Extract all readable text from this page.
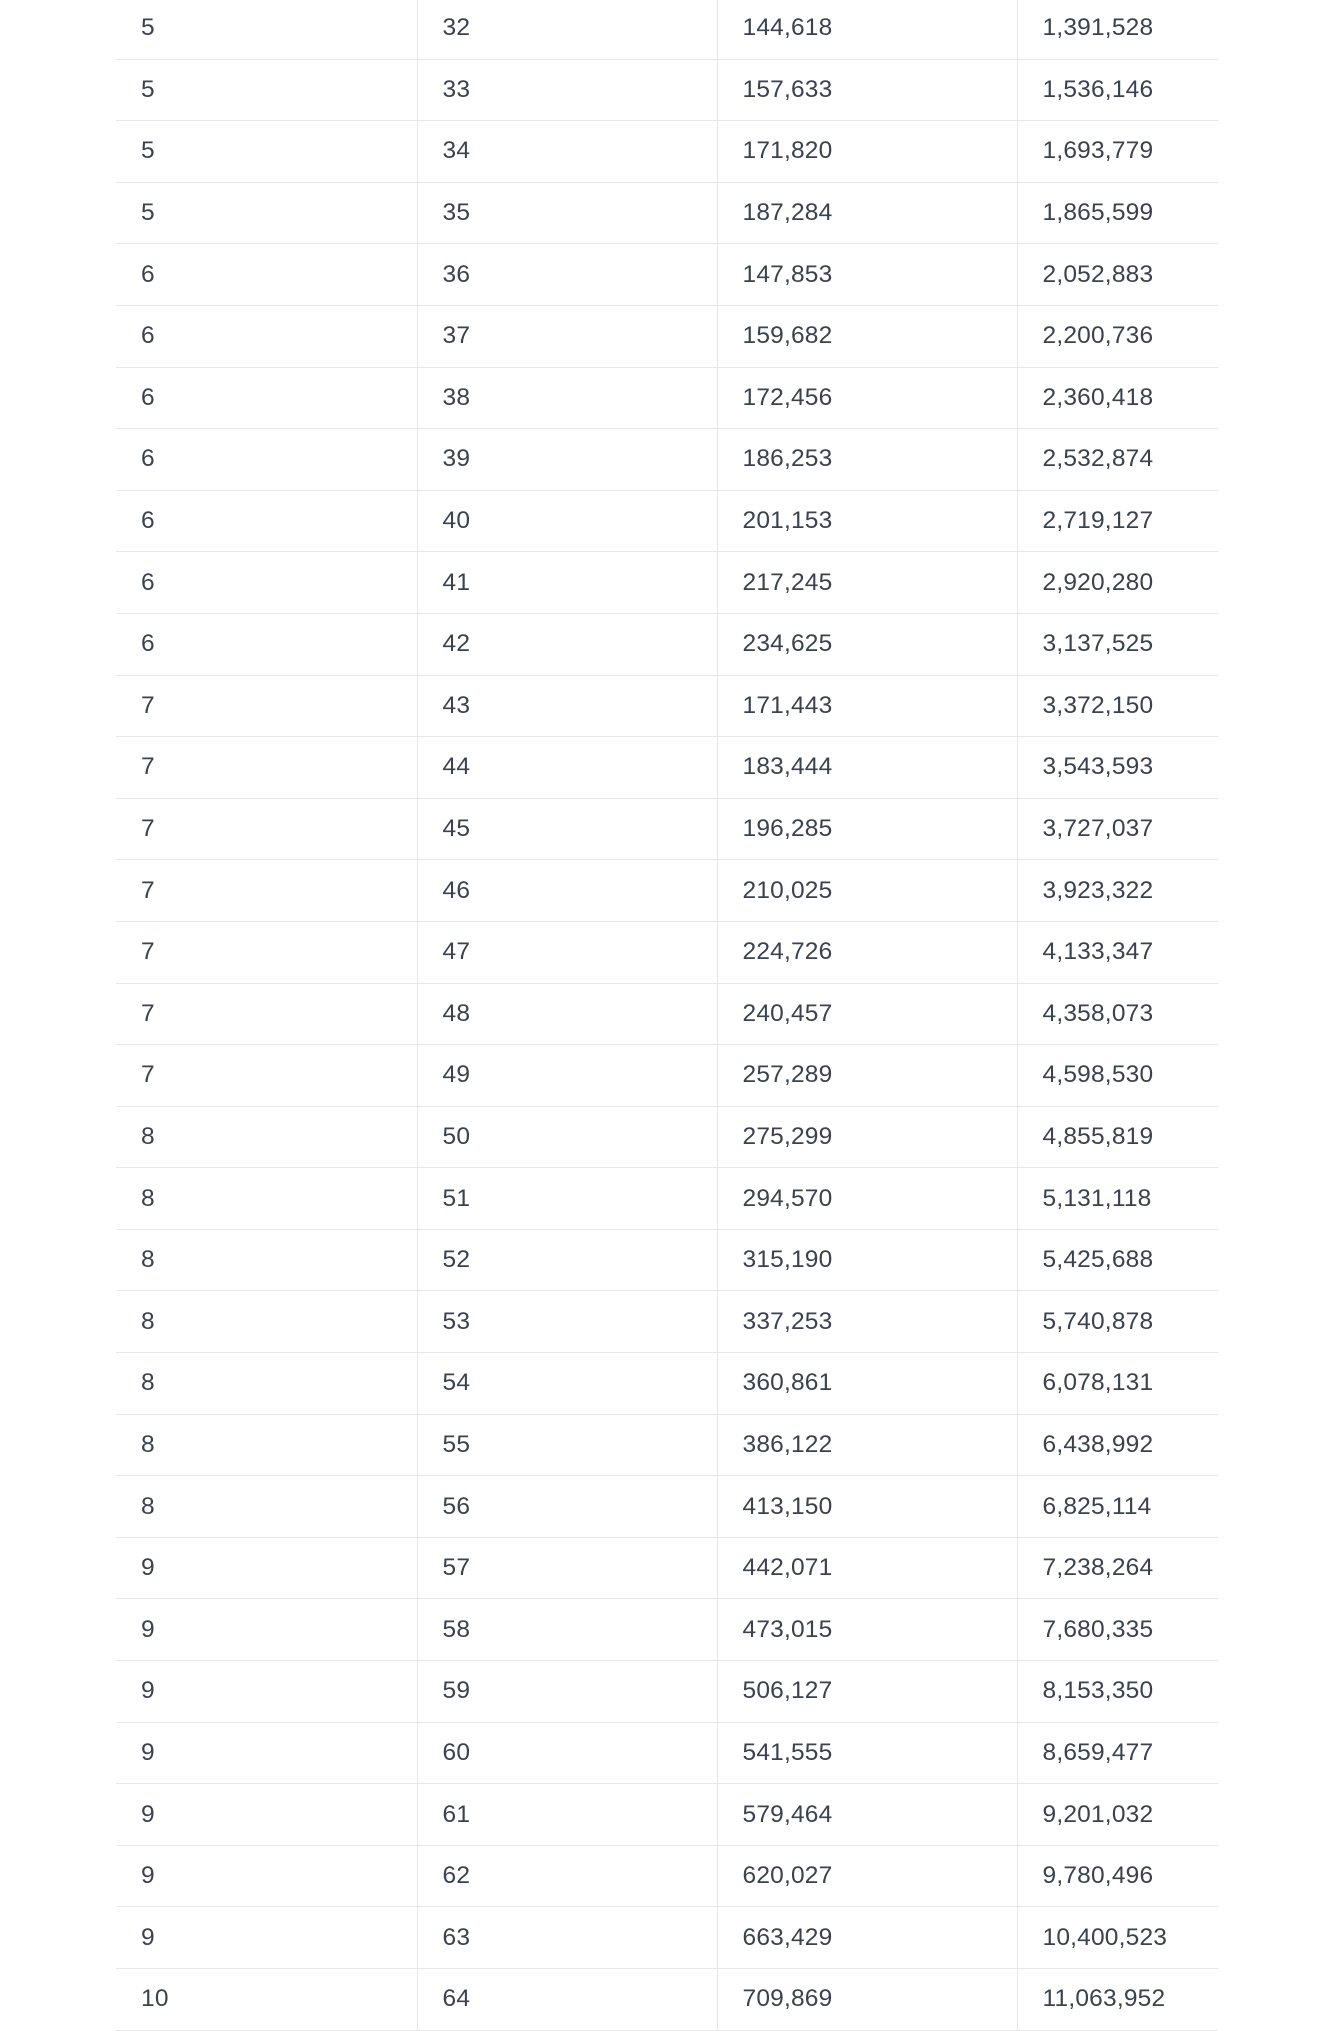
5	32	144,618	1,391,528
5	33	157,633	1,536,146
5	34	171,820	1,693,779
5	35	187,284	1,865,599
6	36	147,853	2,052,883
6	37	159,682	2,200,736
6	38	172,456	2,360,418
6	39	186,253	2,532,874
6	40	201,153	2,719,127
6	41	217,245	2,920,280
6	42	234,625	3,137,525
7	43	171,443	3,372,150
7	44	183,444	3,543,593
7	45	196,285	3,727,037
7	46	210,025	3,923,322
7	47	224,726	4,133,347
7	48	240,457	4,358,073
7	49	257,289	4,598,530
8	50	275,299	4,855,819
8	51	294,570	5,131,118
8	52	315,190	5,425,688
8	53	337,253	5,740,878
8	54	360,861	6,078,131
8	55	386,122	6,438,992
8	56	413,150	6,825,114
9	57	442,071	7,238,264
9	58	473,015	7,680,335
9	59	506,127	8,153,350
9	60	541,555	8,659,477
9	61	579,464	9,201,032
9	62	620,027	9,780,496
9	63	663,429	10,400,523
10	64	709,869	11,063,952
